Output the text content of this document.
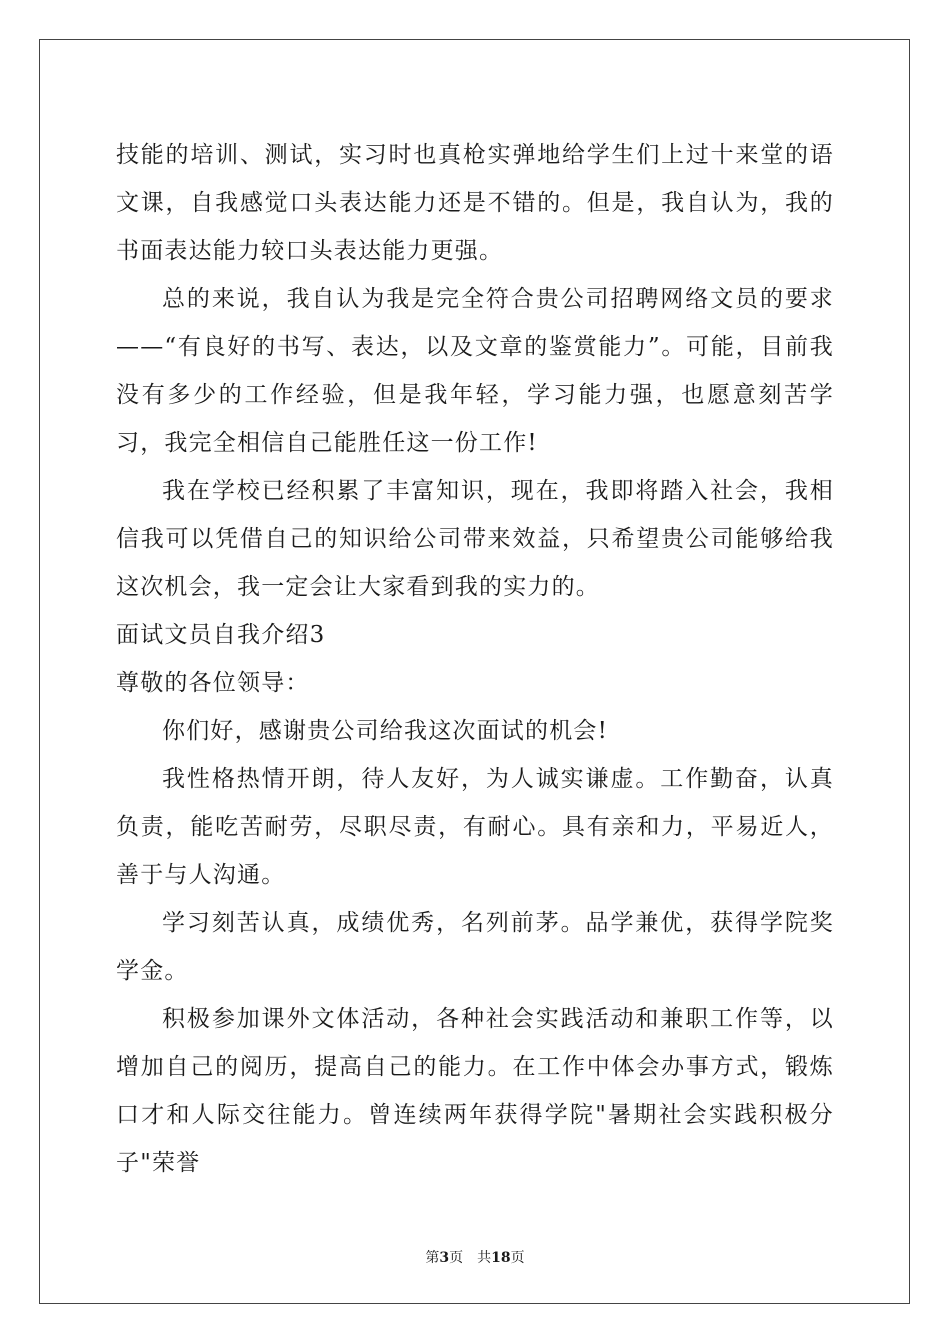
技能的培训、测试，实习时也真枪实弹地给学生们上过十来堂的语文课，自我感觉口头表达能力还是不错的。但是，我自认为，我的书面表达能力较口头表达能力更强。

总的来说，我自认为我是完全符合贵公司招聘网络文员的要求——“有良好的书写、表达，以及文章的鉴赏能力”。可能，目前我没有多少的工作经验，但是我年轻，学习能力强，也愿意刻苦学习，我完全相信自己能胜任这一份工作!

我在学校已经积累了丰富知识，现在，我即将踏入社会，我相信我可以凭借自己的知识给公司带来效益，只希望贵公司能够给我这次机会，我一定会让大家看到我的实力的。

面试文员自我介绍3

尊敬的各位领导：

你们好，感谢贵公司给我这次面试的机会!

我性格热情开朗，待人友好，为人诚实谦虚。工作勤奋，认真负责，能吃苦耐劳，尽职尽责，有耐心。具有亲和力，平易近人，善于与人沟通。

学习刻苦认真，成绩优秀，名列前茅。品学兼优，获得学院奖学金。

积极参加课外文体活动，各种社会实践活动和兼职工作等，以增加自己的阅历，提高自己的能力。在工作中体会办事方式，锻炼口才和人际交往能力。曾连续两年获得学院"暑期社会实践积极分子"荣誉

第3页 共18页
